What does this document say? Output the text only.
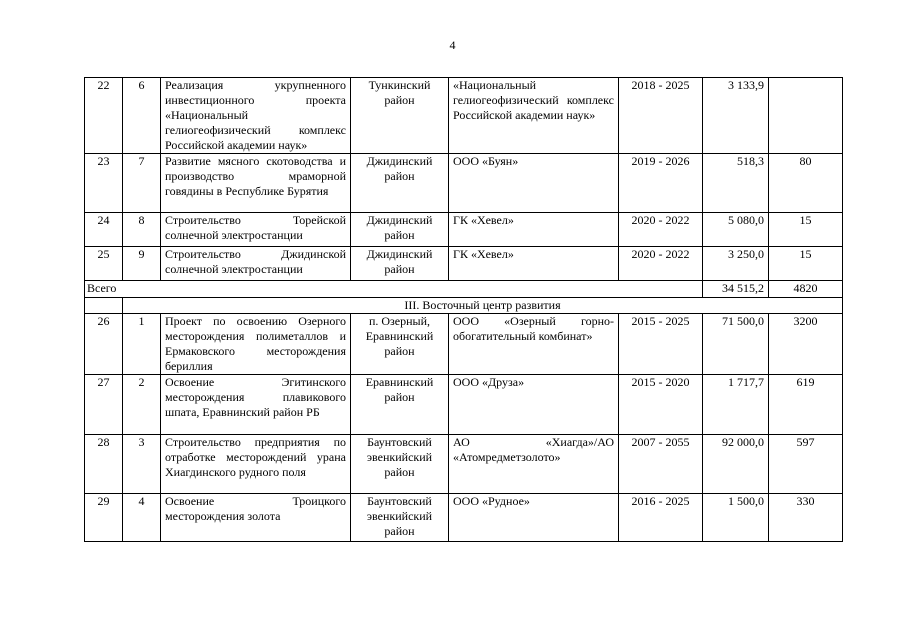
4
22	6	Реализация укрупненного инвестиционного проекта «Национальный гелиогеофизический комплекс Российской академии наук»	Тункинский район	«Национальный гелиогеофизический комплекс Российской академии наук»	2018 - 2025	3 133,9	
23	7	Развитие мясного скотоводства и производство мраморной говядины в Республике Бурятия	Джидинский район	ООО «Буян»	2019 - 2026	518,3	80
24	8	Строительство Торейской солнечной электростанции	Джидинский район	ГК «Хевел»	2020 - 2022	5 080,0	15
25	9	Строительство Джидинской солнечной электростанции	Джидинский район	ГК «Хевел»	2020 - 2022	3 250,0	15
Всего						34 515,2	4820
	III. Восточный центр развития						
26	1	Проект по освоению Озерного месторождения полиметаллов и Ермаковского месторождения бериллия	п. Озерный, Еравнинский район	ООО «Озерный горно-обогатительный комбинат»	2015 - 2025	71 500,0	3200
27	2	Освоение Эгитинского месторождения плавикового шпата, Еравнинский район РБ	Еравнинский район	ООО «Друза»	2015 - 2020	1 717,7	619
28	3	Строительство предприятия по отработке месторождений урана Хиагдинского рудного поля	Баунтовский эвенкийский район	АО «Хиагда»/АО «Атомредметзолото»	2007 - 2055	92 000,0	597
29	4	Освоение Троицкого месторождения золота	Баунтовский эвенкийский район	ООО «Рудное»	2016 - 2025	1 500,0	330
